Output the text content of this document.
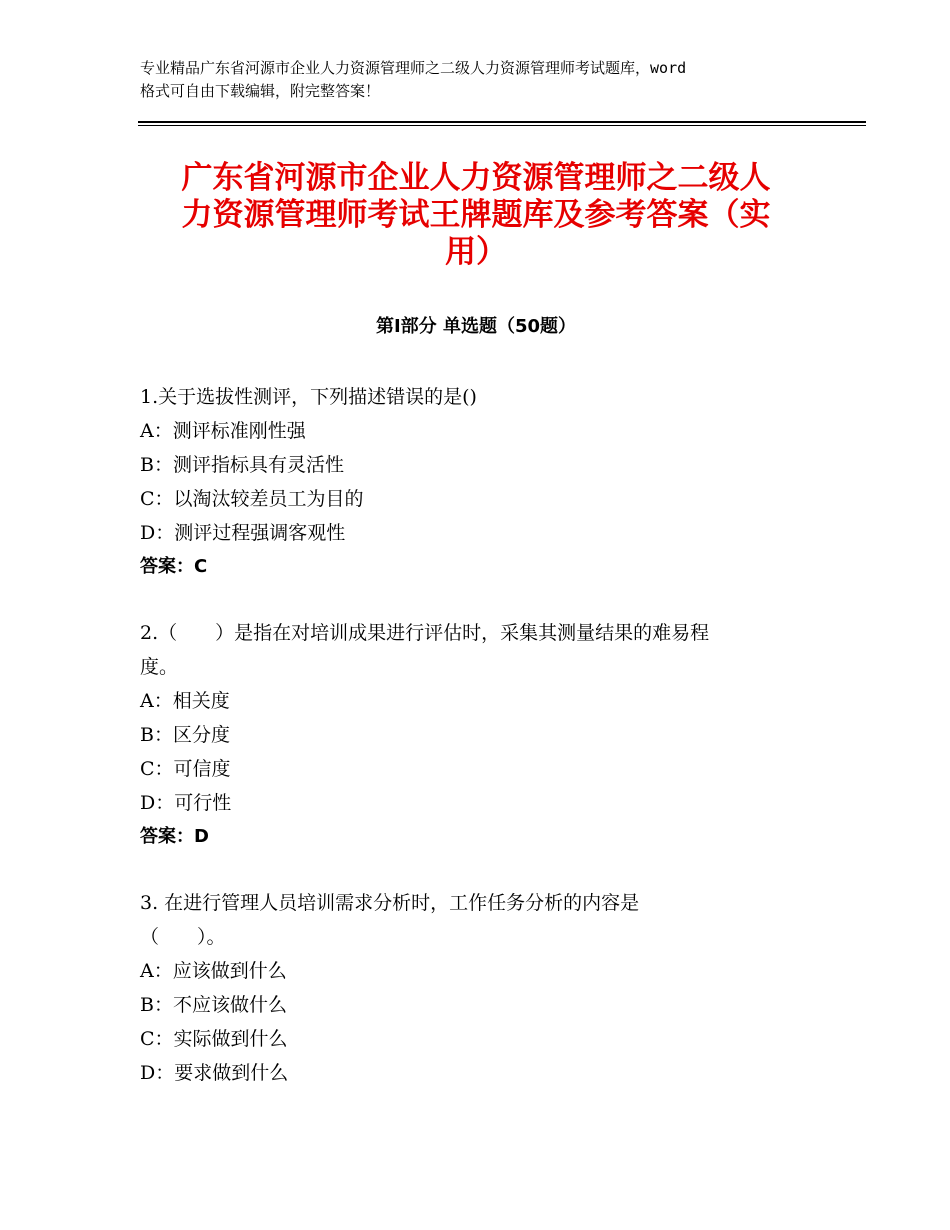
专业精品广东省河源市企业人力资源管理师之二级人力资源管理师考试题库，word
格式可自由下载编辑，附完整答案！
广东省河源市企业人力资源管理师之二级人
力资源管理师考试王牌题库及参考答案（实
用）
第Ⅰ部分 单选题（50题）
1.关于选拔性测评，下列描述错误的是()
A：测评标准刚性强
B：测评指标具有灵活性
C：以淘汰较差员工为目的
D：测评过程强调客观性
答案：C
2.（　　）是指在对培训成果进行评估时，采集其测量结果的难易程
度。
A：相关度
B：区分度
C：可信度
D：可行性
答案：D
3. 在进行管理人员培训需求分析时，工作任务分析的内容是
（　　）。
A：应该做到什么
B：不应该做什么
C：实际做到什么
D：要求做到什么
